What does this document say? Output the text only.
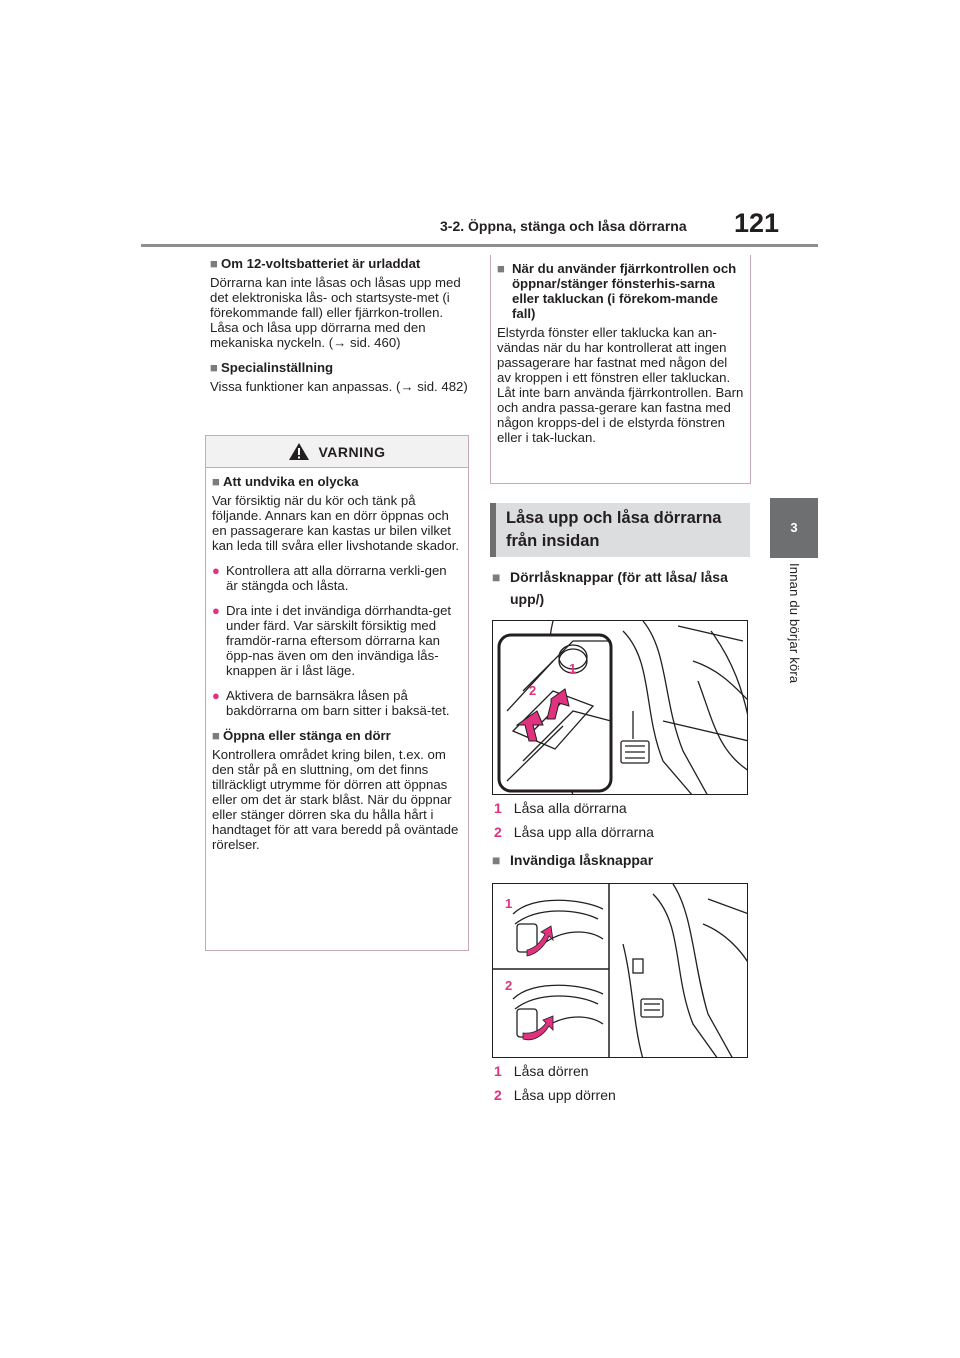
3-2. Öppna, stänga och låsa dörrarna 121
3
Innan du börjar köra
■ Om 12-voltsbatteriet är urladdat
Dörrarna kan inte låsas och låsas upp med det elektroniska lås- och startsyste-met (i förekommande fall) eller fjärrkon-trollen. Låsa och låsa upp dörrarna med den mekaniska nyckeln. (→ sid. 460)
■ Specialinställning
Vissa funktioner kan anpassas. (→ sid. 482)
VARNING
■ Att undvika en olycka
Var försiktig när du kör och tänk på följande. Annars kan en dörr öppnas och en passagerare kan kastas ur bilen vilket kan leda till svåra eller livshotande skador.
● Kontrollera att alla dörrarna verkli-gen är stängda och låsta.
● Dra inte i det invändiga dörrhandta-get under färd. Var särskilt försiktig med framdör-rarna eftersom dörrarna kan öpp-nas även om den invändiga lås-knappen är i låst läge.
● Aktivera de barnsäkra låsen på bakdörrarna om barn sitter i baksä-tet.
■ Öppna eller stänga en dörr
Kontrollera området kring bilen, t.ex. om den står på en sluttning, om det finns tillräckligt utrymme för dörren att öppnas eller om det är stark blåst. När du öppnar eller stänger dörren ska du hålla hårt i handtaget för att vara beredd på oväntade rörelser.
■ När du använder fjärrkontrollen och öppnar/stänger fönsterhis-sarna eller takluckan (i förekom-mande fall)
Elstyrda fönster eller taklucka kan an-vändas när du har kontrollerat att ingen passagerare har fastnat med någon del av kroppen i ett fönstren eller takluckan. Låt inte barn använda fjärrkontrollen. Barn och andra passa-gerare kan fastna med någon kropps-del i de elstyrda fönstren eller i tak-luckan.
Låsa upp och låsa dörrarna från insidan
■ Dörrlåsknappar (för att låsa/ låsa upp/)
1
2
1 Låsa alla dörrarna
2 Låsa upp alla dörrarna
■ Invändiga låsknappar
1
2
1 Låsa dörren
2 Låsa upp dörren
